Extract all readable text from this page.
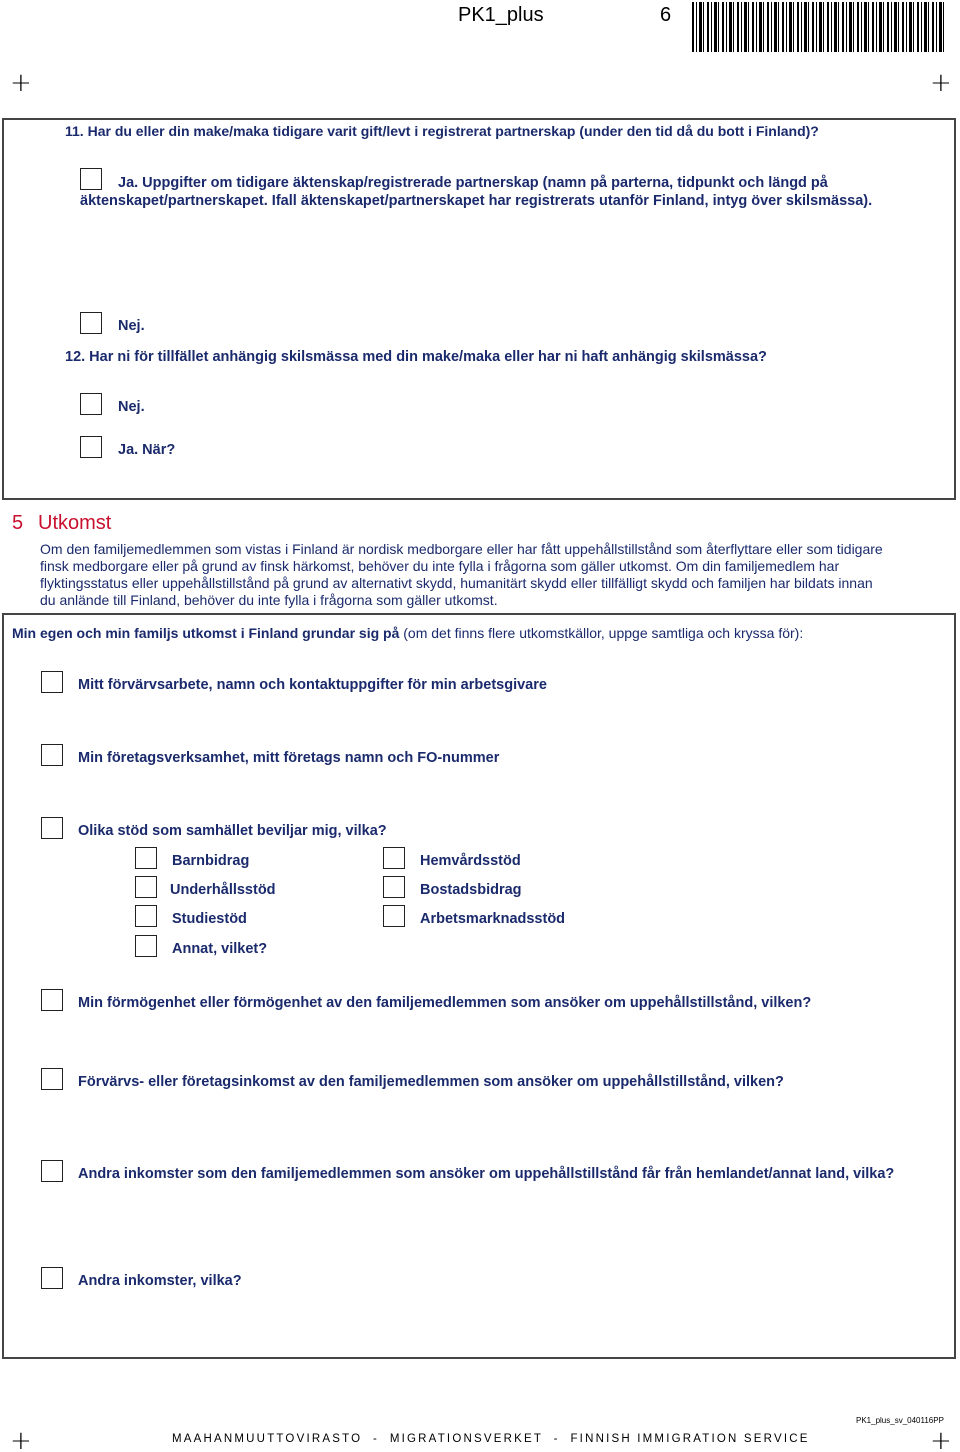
PK1_plus	6
+	+
11. Har du eller din make/maka tidigare varit gift/levt i registrerat partnerskap (under den tid då du bott i Finland)?
Ja. Uppgifter om tidigare äktenskap/registrerade partnerskap (namn på parterna, tidpunkt och längd på
äktenskapet/partnerskapet. Ifall äktenskapet/partnerskapet har registrerats utanför Finland, intyg över skilsmässa).
Nej.
12. Har ni för tillfället anhängig skilsmässa med din make/maka eller har ni haft anhängig skilsmässa?
Nej.
Ja. När?
5 Utkomst
Om den familjemedlemmen som vistas i Finland är nordisk medborgare eller har fått uppehållstillstånd som återflyttare eller som tidigare
finsk medborgare eller på grund av finsk härkomst, behöver du inte fylla i frågorna som gäller utkomst. Om din familjemedlem har
flyktingsstatus eller uppehållstillstånd på grund av alternativt skydd, humanitärt skydd eller tillfälligt skydd och familjen har bildats innan
du anlände till Finland, behöver du inte fylla i frågorna som gäller utkomst.
Min egen och min familjs utkomst i Finland grundar sig på (om det finns flere utkomstkällor, uppge samtliga och kryssa för):
Mitt förvärvsarbete, namn och kontaktuppgifter för min arbetsgivare
Min företagsverksamhet, mitt företags namn och FO-nummer
Olika stöd som samhället beviljar mig, vilka?
Barnbidrag
Underhållsstöd
Studiestöd
Annat, vilket?
Hemvårdsstöd
Bostadsbidrag
Arbetsmarknadsstöd
Min förmögenhet eller förmögenhet av den familjemedlemmen som ansöker om uppehållstillstånd, vilken?
Förvärvs- eller företagsinkomst av den familjemedlemmen som ansöker om uppehållstillstånd, vilken?
Andra inkomster som den familjemedlemmen som ansöker om uppehållstillstånd får från hemlandet/annat land, vilka?
Andra inkomster, vilka?
PK1_plus_sv_040116PP
+	+
MAAHANMUUTTOVIRASTO  -  MIGRATIONSVERKET  -  FINNISH IMMIGRATION SERVICE
